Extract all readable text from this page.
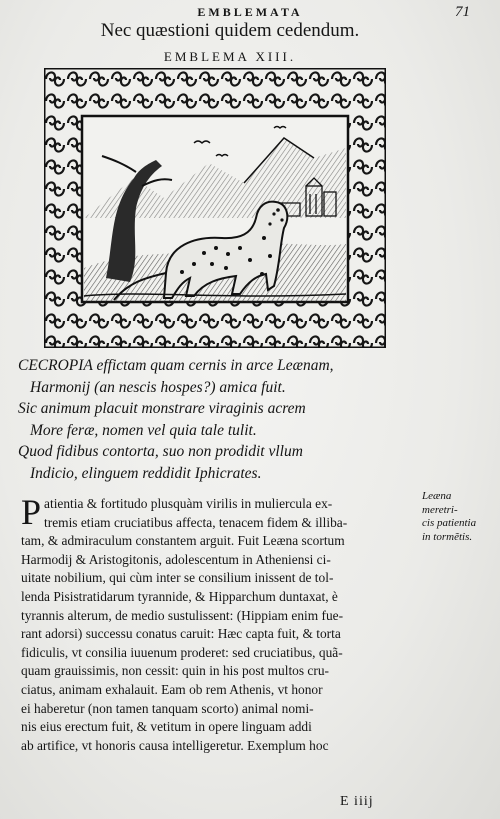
EMBLEMATA	71
Nec quæstioni quidem cedendum.
EMBLEMA XIII.
CECROPIA effictam quam cernis in arce Leænam,
Harmonij (an nescis hospes?) amica fuit.
Sic animum placuit monstrare viraginis acrem
More feræ, nomen vel quia tale tulit.
Quod fidibus contorta, suo non prodidit vllum
Indicio, elinguem reddidit Iphicrates.
P atientia & fortitudo plusquàm virilis in muliercula ex-
tremis etiam cruciatibus affecta, tenacem fidem & illiba-
tam, & admiraculum constantem arguit. Fuit Leæna scortum
Harmodij & Aristogitonis, adolescentum in Atheniensi ci-
uitate nobilium, qui cùm inter se consilium inissent de tol-
lenda Pisistratidarum tyrannide, & Hipparchum duntaxat, è
tyrannis alterum, de medio sustulissent: (Hippiam enim fue-
rant adorsi) successu conatus caruit: Hæc capta fuit, & torta
fidiculis, vt consilia iuuenum proderet: sed cruciatibus, quã-
quam grauissimis, non cessit: quin in his post multos cru-
ciatus, animam exhalauit. Eam ob rem Athenis, vt honor
ei haberetur (non tamen tanquam scorto) animal nomi-
nis eius erectum fuit, & vetitum in opere linguam addi
ab artifice, vt honoris causa intelligeretur. Exemplum hoc
Leæna
meretri-
cis patientia
in tormẽtis.
E iiij
